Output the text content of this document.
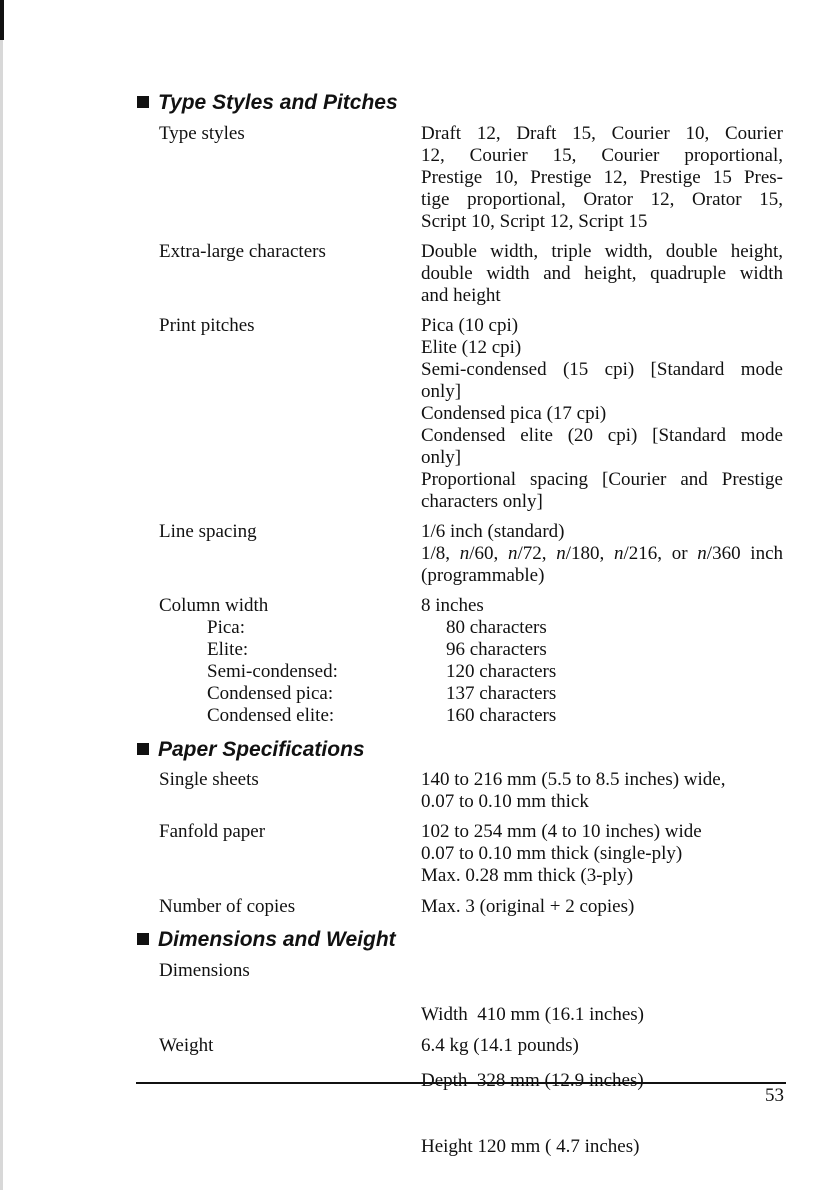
Type Styles and Pitches
Type styles	Draft 12, Draft 15, Courier 10, Courier
12, Courier 15, Courier proportional,
Prestige 10, Prestige 12, Prestige 15 Pres-
tige proportional, Orator 12, Orator 15,
Script 10, Script 12, Script 15
Extra-large characters	Double width, triple width, double height,
double width and height, quadruple width
and height
Print pitches	Pica (10 cpi)
Elite (12 cpi)
Semi-condensed (15 cpi) [Standard mode
only]
Condensed pica (17 cpi)
Condensed elite (20 cpi) [Standard mode
only]
Proportional spacing [Courier and Prestige
characters only]
Line spacing	1/6 inch (standard)
1/8, n/60, n/72, n/180, n/216, or n/360 inch
(programmable)
Column width	8 inches
Pica:	80 characters
Elite:	96 characters
Semi-condensed:	120 characters
Condensed pica:	137 characters
Condensed elite:	160 characters
Paper Specifications
Single sheets	140 to 216 mm (5.5 to 8.5 inches) wide,
0.07 to 0.10 mm thick
Fanfold paper	102 to 254 mm (4 to 10 inches) wide
0.07 to 0.10 mm thick (single-ply)
Max. 0.28 mm thick (3-ply)
Number of copies	Max. 3 (original + 2 copies)
Dimensions and Weight
Dimensions

Width  410 mm (16.1 inches)

Depth  328 mm (12.9 inches)

Height 120 mm ( 4.7 inches)

Weight	6.4 kg (14.1 pounds)
53
